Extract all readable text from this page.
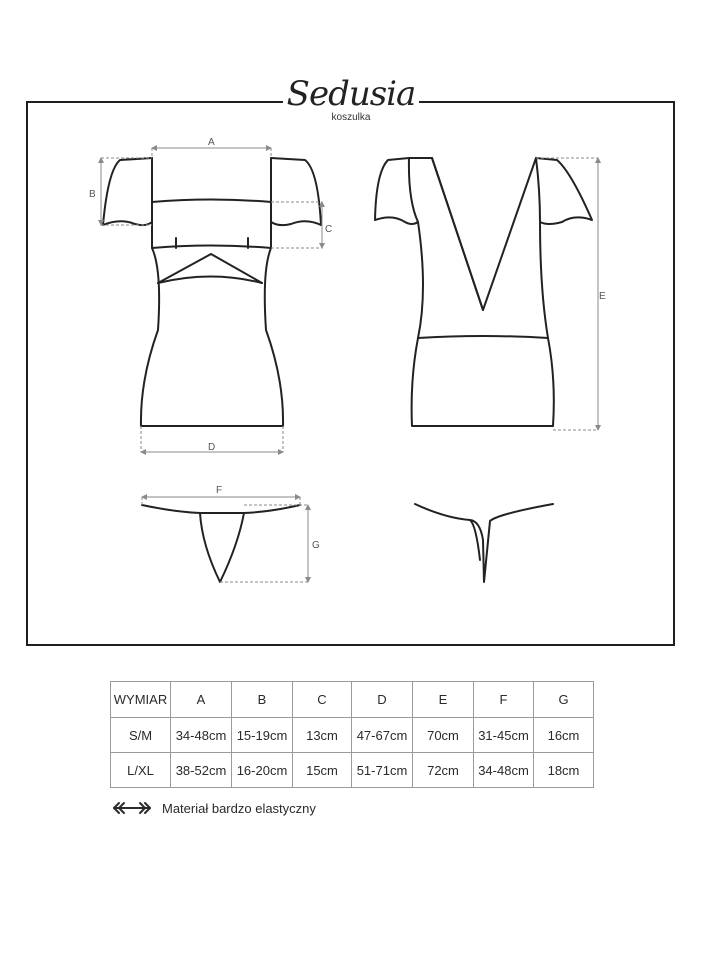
A
B
C
D
E
F
G
Sedusia
koszulka
WYMIAR	A	B	C	D	E	F	G
S/M	34-48cm	15-19cm	13cm	47-67cm	70cm	31-45cm	16cm
L/XL	38-52cm	16-20cm	15cm	51-71cm	72cm	34-48cm	18cm
Materiał bardzo elastyczny
